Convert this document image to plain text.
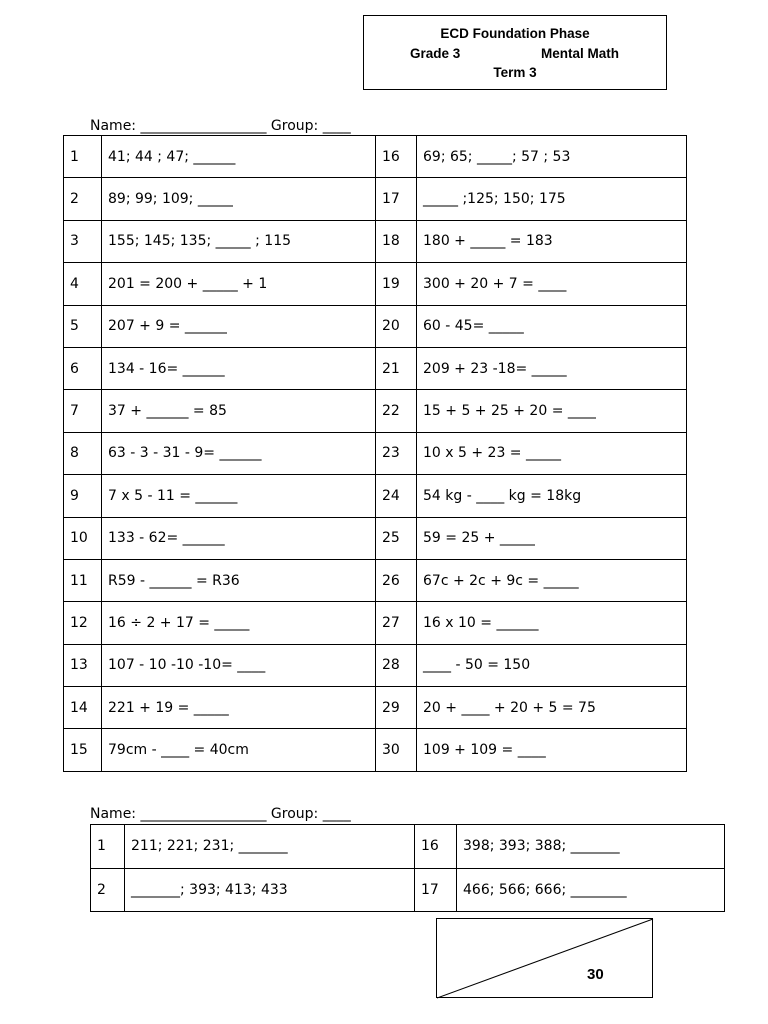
ECD Foundation Phase
Grade 3	Mental Math
Term 3
Name: __________________ Group: ____
1	41; 44 ; 47; ______	16	69; 65; _____; 57 ; 53
2	89; 99; 109; _____	17	_____ ;125; 150; 175
3	155; 145; 135; _____ ; 115	18	180 + _____ = 183
4	201 = 200 + _____ + 1	19	300 + 20 + 7 = ____
5	207 + 9 = ______	20	60 - 45= _____
6	134 - 16= ______	21	209 + 23 -18= _____
7	37 + ______ = 85	22	15 + 5 + 25 + 20 = ____
8	63 - 3 - 31 - 9= ______	23	10 x 5 + 23 = _____
9	7 x 5 - 11 = ______	24	54 kg - ____ kg = 18kg
10	133 - 62= ______	25	59 = 25 + _____
11	R59 - ______ = R36	26	67c + 2c + 9c = _____
12	16 ÷ 2 + 17 = _____	27	16 x 10 = ______
13	107 - 10 -10 -10= ____	28	____ - 50 = 150
14	221 + 19 = _____	29	20 + ____ + 20 + 5 = 75
15	79cm - ____ = 40cm	30	109 + 109 = ____
Name: __________________ Group: ____
1	211; 221; 231; _______	16	398; 393; 388; _______
2	_______; 393; 413; 433	17	466; 566; 666; ________
30
